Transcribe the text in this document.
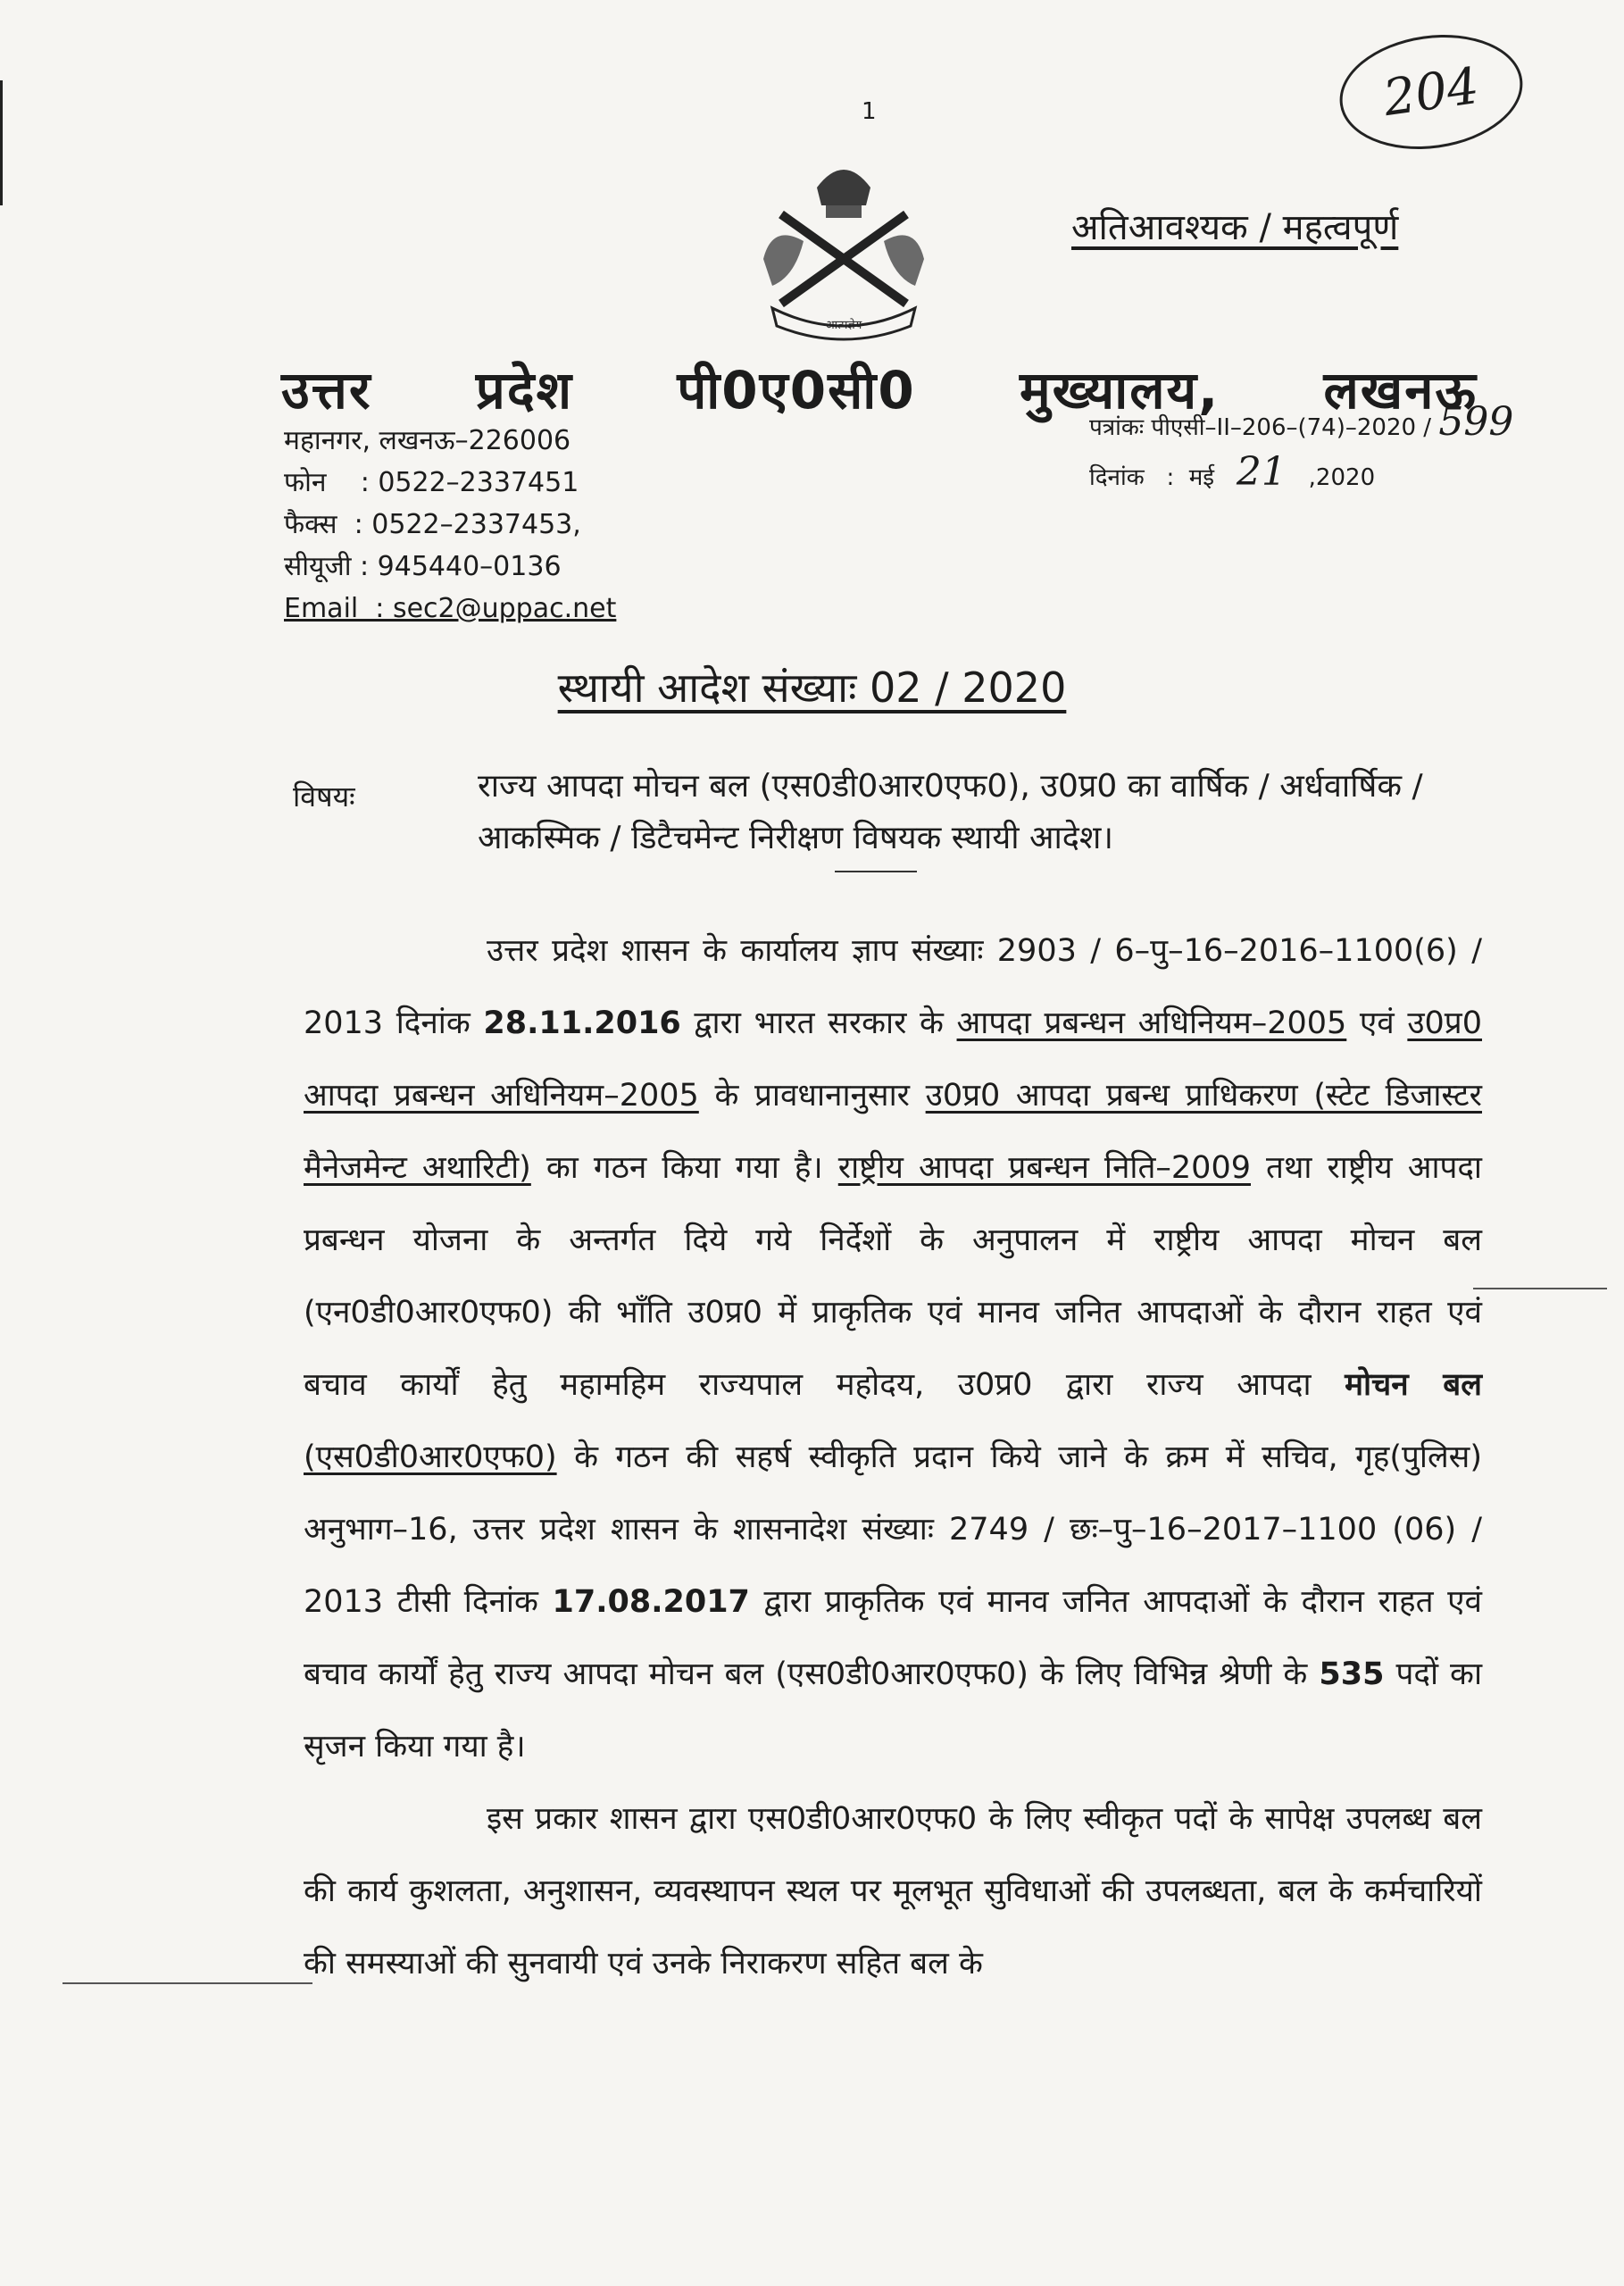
1	204
अतिआवश्यक / महत्वपूर्ण
आत्मज्ञेय
उत्तर प्रदेश पी0ए0सी0 मुख्यालय, लखनऊ
महानगर, लखनऊ–226006
फोन    : 0522–2337451
फैक्स  : 0522–2337453,
सीयूजी : 945440–0136
Email  : sec2@uppac.net
पत्रांकः पीएसी–II–206–(74)–2020 / 599
दिनांक   :  मई 21 ,2020
स्थायी आदेश संख्याः 02 / 2020
विषयः	राज्य आपदा मोचन बल (एस0डी0आर0एफ0), उ0प्र0 का वार्षिक / अर्धवार्षिक / आकस्मिक / डिटैचमेन्ट निरीक्षण विषयक स्थायी आदेश।

उत्तर प्रदेश शासन के कार्यालय ज्ञाप संख्याः 2903 / 6–पु–16–2016–1100(6) / 2013 दिनांक 28.11.2016 द्वारा भारत सरकार के आपदा प्रबन्धन अधिनियम–2005 एवं उ0प्र0 आपदा प्रबन्धन अधिनियम–2005 के प्रावधानानुसार उ0प्र0 आपदा प्रबन्ध प्राधिकरण (स्टेट डिजास्टर मैनेजमेन्ट अथारिटी) का गठन किया गया है। राष्ट्रीय आपदा प्रबन्धन निति–2009 तथा राष्ट्रीय आपदा प्रबन्धन योजना के अन्तर्गत दिये गये निर्देशों के अनुपालन में राष्ट्रीय आपदा मोचन बल (एन0डी0आर0एफ0) की भाँति उ0प्र0 में प्राकृतिक एवं मानव जनित आपदाओं के दौरान राहत एवं बचाव कार्यों हेतु महामहिम राज्यपाल महोदय, उ0प्र0 द्वारा राज्य आपदा मोचन बल (एस0डी0आर0एफ0) के गठन की सहर्ष स्वीकृति प्रदान किये जाने के क्रम में सचिव, गृह(पुलिस) अनुभाग–16, उत्तर प्रदेश शासन के शासनादेश संख्याः 2749 / छः–पु–16–2017–1100 (06) / 2013 टीसी दिनांक 17.08.2017 द्वारा प्राकृतिक एवं मानव जनित आपदाओं के दौरान राहत एवं बचाव कार्यों हेतु राज्य आपदा मोचन बल (एस0डी0आर0एफ0) के लिए विभिन्न श्रेणी के 535 पदों का सृजन किया गया है।

इस प्रकार शासन द्वारा एस0डी0आर0एफ0 के लिए स्वीकृत पदों के सापेक्ष उपलब्ध बल की कार्य कुशलता, अनुशासन, व्यवस्थापन स्थल पर मूलभूत सुविधाओं की उपलब्धता, बल के कर्मचारियों की समस्याओं की सुनवायी एवं उनके निराकरण सहित बल के
